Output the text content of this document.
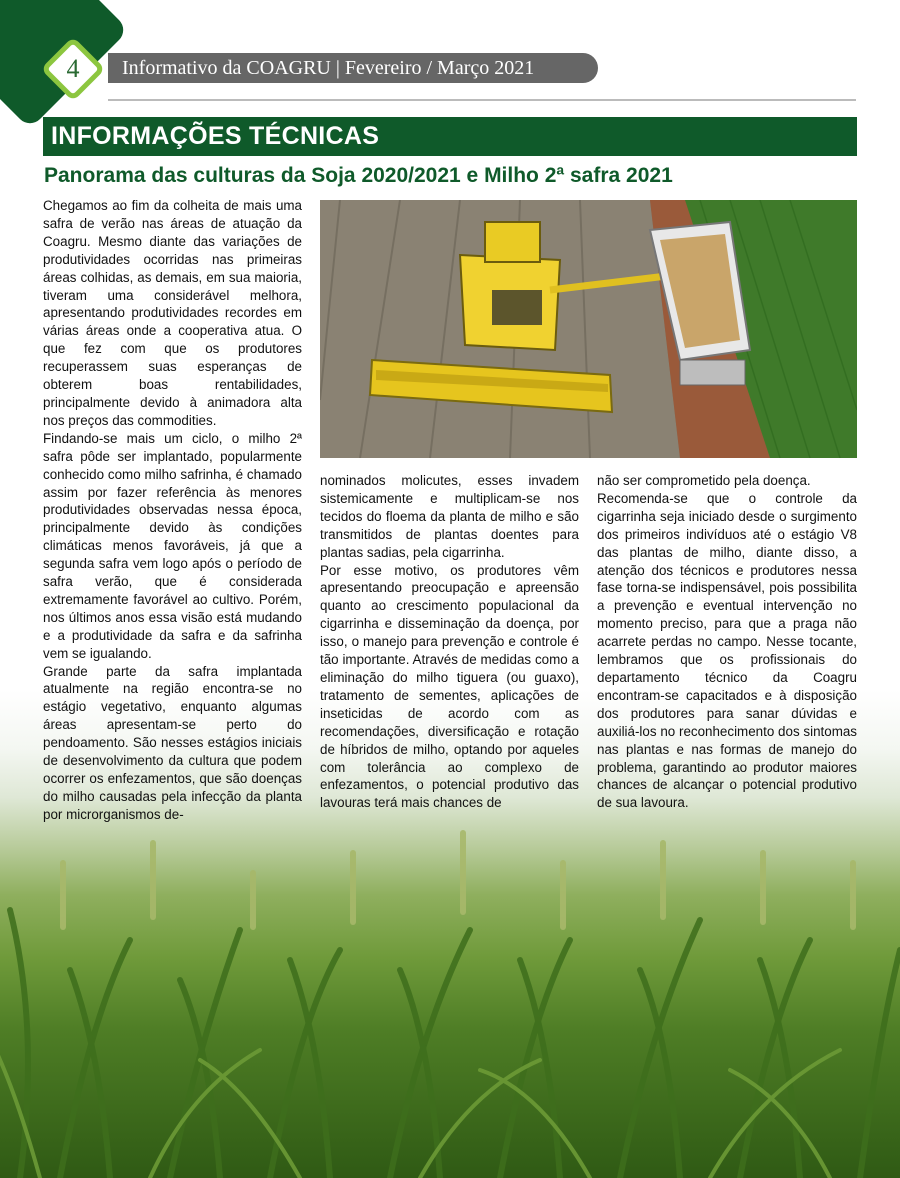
Informativo da COAGRU | Fevereiro / Março 2021
4
INFORMAÇÕES TÉCNICAS
Panorama das culturas da Soja 2020/2021 e Milho 2ª safra 2021

Chegamos ao fim da colheita de mais uma safra de verão nas áreas de atuação da Coagru. Mesmo diante das variações de produtividades ocorridas nas primeiras áreas colhidas, as demais, em sua maioria, tiveram uma considerável melhora, apresentando produtividades recordes em várias áreas onde a cooperativa atua. O que fez com que os produtores recuperassem suas esperanças de obterem boas rentabilidades, principalmente devido à animadora alta nos preços das commodities.

Findando-se mais um ciclo, o milho 2ª safra pôde ser implantado, popularmente conhecido como milho safrinha, é chamado assim por fazer referência às menores produtividades observadas nessa época, principalmente devido às condições climáticas menos favoráveis, já que a segunda safra vem logo após o período de safra verão, que é considerada extremamente favorável ao cultivo. Porém, nos últimos anos essa visão está mudando e a produtividade da safra e da safrinha vem se igualando.

Grande parte da safra implantada atualmente na região encontra-se no estágio vegetativo, enquanto algumas áreas apresentam-se perto do pendoamento. São nesses estágios iniciais de desenvolvimento da cultura que podem ocorrer os enfezamentos, que são doenças do milho causadas pela infecção da planta por microrganismos de-

nominados molicutes, esses invadem sistemicamente e multiplicam-se nos tecidos do floema da planta de milho e são transmitidos de plantas doentes para plantas sadias, pela cigarrinha.

Por esse motivo, os produtores vêm apresentando preocupação e apreensão quanto ao crescimento populacional da cigarrinha e disseminação da doença, por isso, o manejo para prevenção e controle é tão importante. Através de medidas como a eliminação do milho tiguera (ou guaxo), tratamento de sementes, aplicações de inseticidas de acordo com as recomendações, diversificação e rotação de híbridos de milho, optando por aqueles com tolerância ao complexo de enfezamentos, o potencial produtivo das lavouras terá mais chances de

não ser comprometido pela doença.

Recomenda-se que o controle da cigarrinha seja iniciado desde o surgimento dos primeiros indivíduos até o estágio V8 das plantas de milho, diante disso, a atenção dos técnicos e produtores nessa fase torna-se indispensável, pois possibilita a prevenção e eventual intervenção no momento preciso, para que a praga não acarrete perdas no campo. Nesse tocante, lembramos que os profissionais do departamento técnico da Coagru encontram-se capacitados e à disposição dos produtores para sanar dúvidas e auxiliá-los no reconhecimento dos sintomas nas plantas e nas formas de manejo do problema, garantindo ao produtor maiores chances de alcançar o potencial produtivo de sua lavoura.
